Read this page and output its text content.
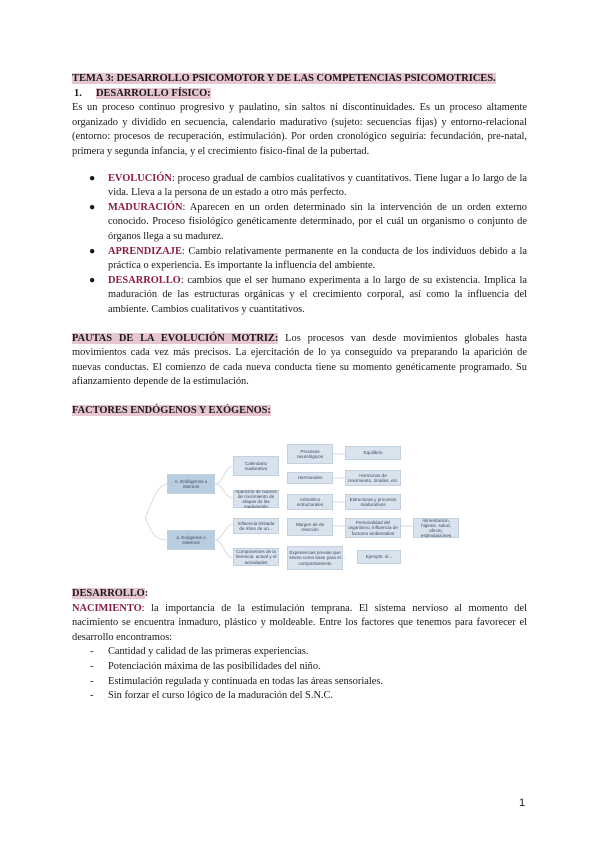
TEMA 3: DESARROLLO PSICOMOTOR Y DE LAS COMPETENCIAS PSICOMOTRICES.
1. DESARROLLO FÍSICO:

Es un proceso continuo progresivo y paulatino, sin saltos ni discontinuidades. Es un proceso altamente organizado y dividido en secuencia, calendario madurativo (sujeto: secuencias fijas) y entorno-relacional (entorno: procesos de recuperación, estimulación). Por orden cronológico seguiría: fecundación, pre-natal, primera y segunda infancia, y el crecimiento físico-final de la pubertad.

● EVOLUCIÓN: proceso gradual de cambios cualitativos y cuantitativos. Tiene lugar a lo largo de la vida. Lleva a la persona de un estado a otro más perfecto.
● MADURACIÓN: Aparecen en un orden determinado sin la intervención de un orden externo conocido. Proceso fisiológico genéticamente determinado, por el cuál un organismo o conjunto de órganos llega a su madurez.
● APRENDIZAJE: Cambio relativamente permanente en la conducta de los individuos debido a la práctica o experiencia. Es importante la influencia del ambiente.
● DESARROLLO: cambios que el ser humano experimenta a lo largo de su existencia. Implica la maduración de las estructuras orgánicas y el crecimiento corporal, así como la influencia del ambiente. Cambios cualitativos y cuantitativos.

PAUTAS DE LA EVOLUCIÓN MOTRIZ: Los procesos van desde movimientos globales hasta movimientos cada vez más precisos. La ejercitación de lo ya conseguido va preparando la aparición de nuevas conductas. El comienzo de cada nueva conducta tiene su momento genéticamente programado. Su afianzamiento depende de la estimulación.

FACTORES ENDÓGENOS Y EXÓGENOS:
A. Endógenos o internos
a. Exógenos o externos
Calendario madurativo
Aparición de nuevos de crecimiento de etapas de las maduración
Influencia limitada de ritmo de un...
Componentes de la herencia: actual y el actividades
Procesos neurológicos
Hormonales
Aritmético estructurales
Margen de de reacción
Experiencias previas que sirven como base para el comportamiento
Equilibrio
Hormonas de crecimiento, tiroides, etc.
Estructuras y procesos madurativos
Personalidad del organismo, influencia de factores ambientales
Alimentación, higiene, salud, afecto, estimulaciones
Ejemplo: el...
DESARROLLO:

NACIMIENTO: la importancia de la estimulación temprana. El sistema nervioso al momento del nacimiento se encuentra inmaduro, plástico y moldeable. Entre los factores que tenemos para favorecer el desarrollo encontramos:

- Cantidad y calidad de las primeras experiencias.
- Potenciación máxima de las posibilidades del niño.
- Estimulación regulada y continuada en todas las áreas sensoriales.
- Sin forzar el curso lógico de la maduración del S.N.C.
1
